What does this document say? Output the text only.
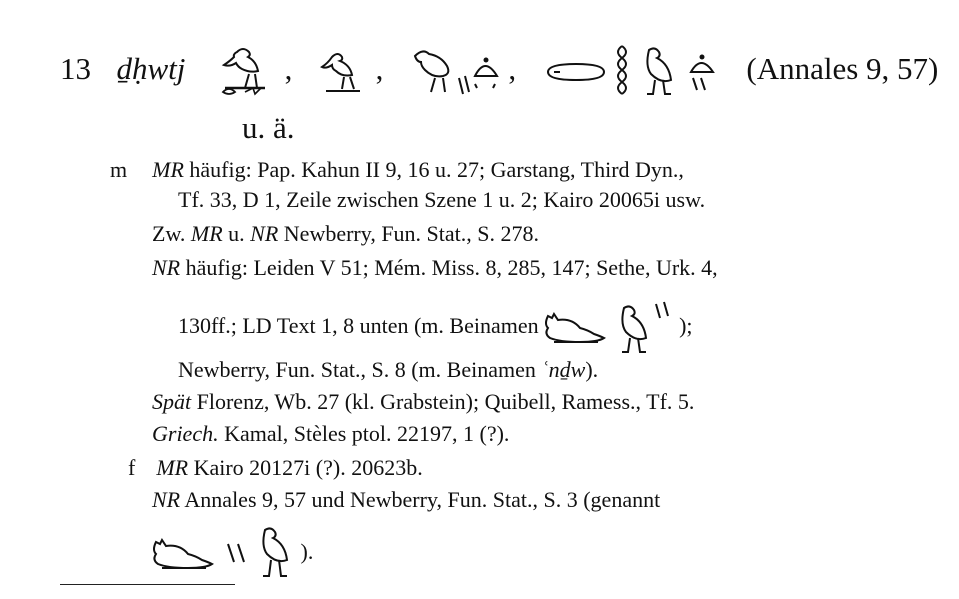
13 ḏḥwtj	,	,
	,

	(Annales 9, 57)
u. ä.
m MR häufig: Pap. Kahun II 9, 16 u. 27; Garstang, Third Dyn.,
Tf. 33, D 1, Zeile zwischen Szene 1 u. 2; Kairo 20065i usw.
Zw. MR u. NR Newberry, Fun. Stat., S. 278.
NR häufig: Leiden V 51; Mém. Miss. 8, 285, 147; Sethe, Urk. 4,
130ff.; LD Text 1, 8 unten (m. Beinamen
	);
Newberry, Fun. Stat., S. 8 (m. Beinamen ʿnḏw).
Spät Florenz, Wb. 27 (kl. Grabstein); Quibell, Ramess., Tf. 5.
Griech. Kamal, Stèles ptol. 22197, 1 (?).
f MR Kairo 20127i (?). 20623b.
NR Annales 9, 57 und Newberry, Fun. Stat., S. 3 (genannt

).
